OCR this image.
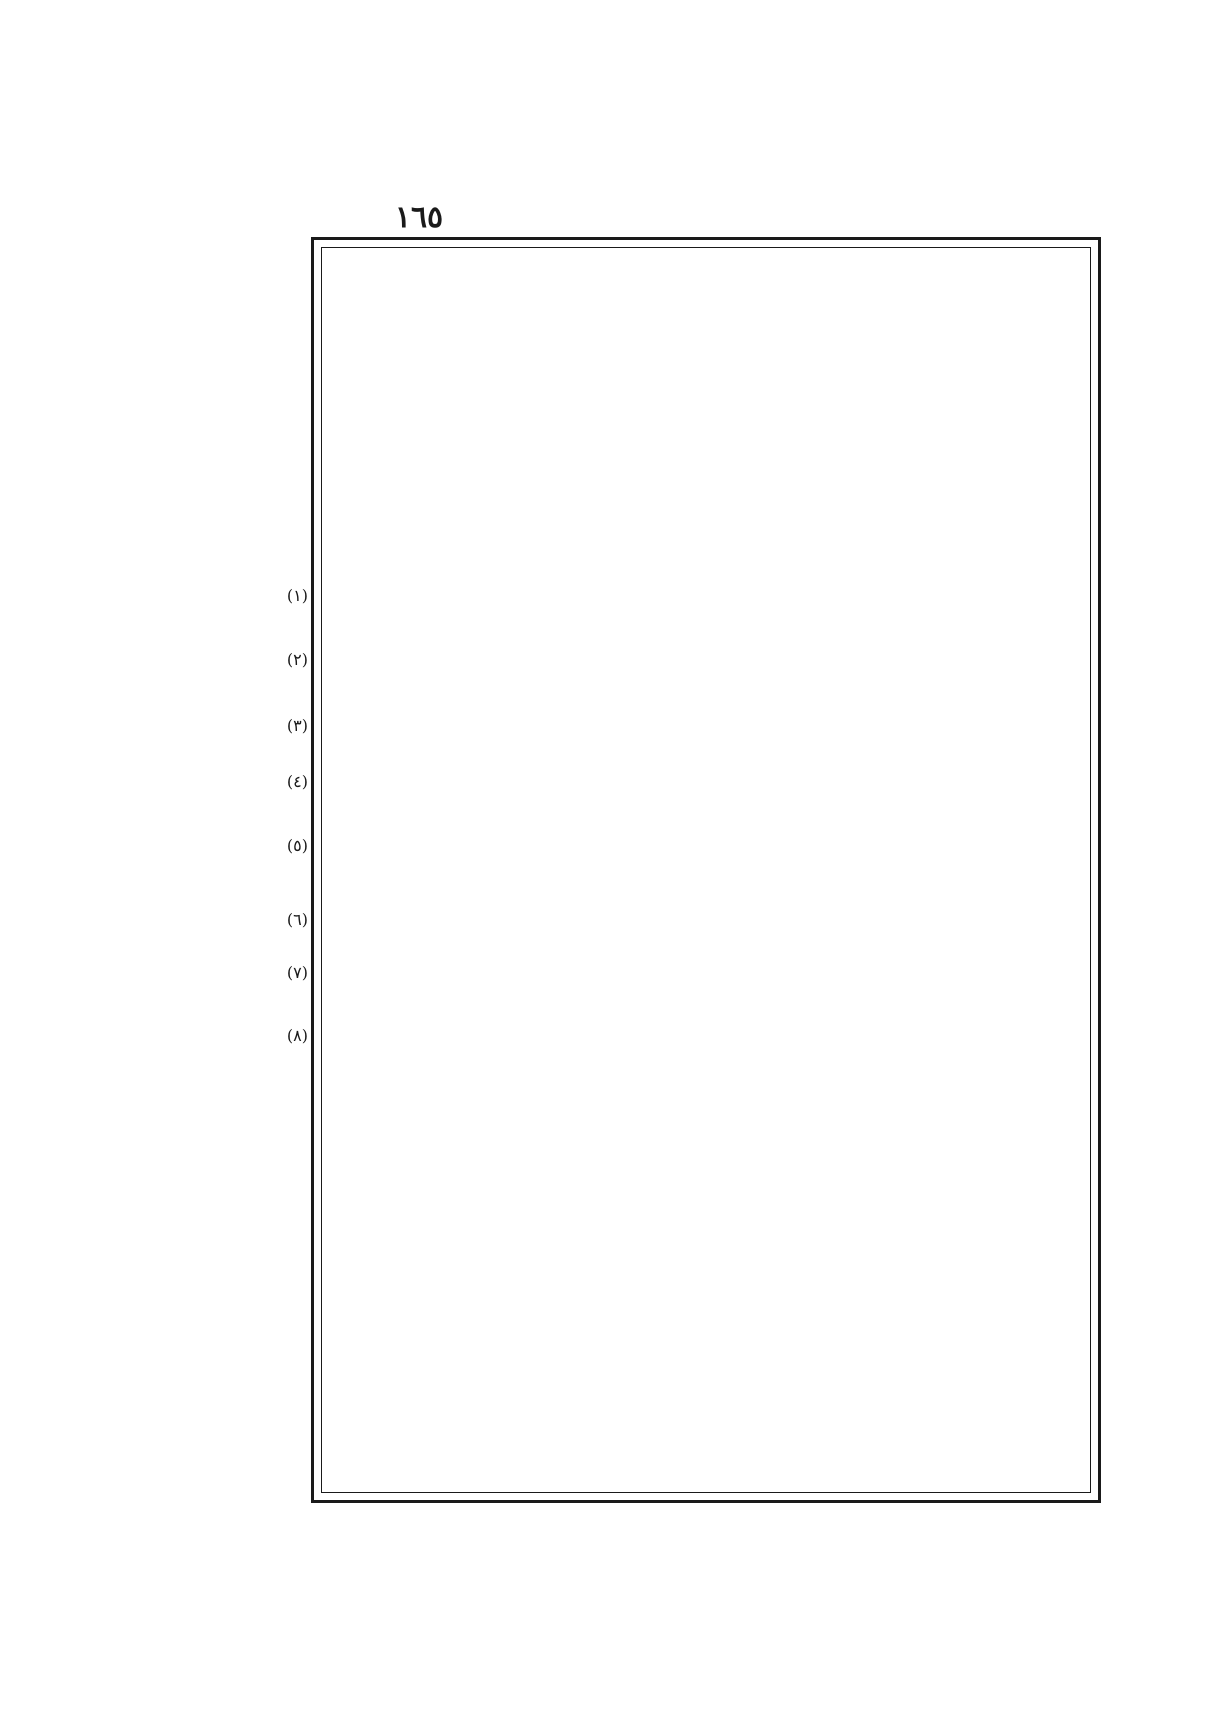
١٦٥
(١)
(٢)
(٣)
(٤)
(٥)
(٦)
(٧)
(٨)
